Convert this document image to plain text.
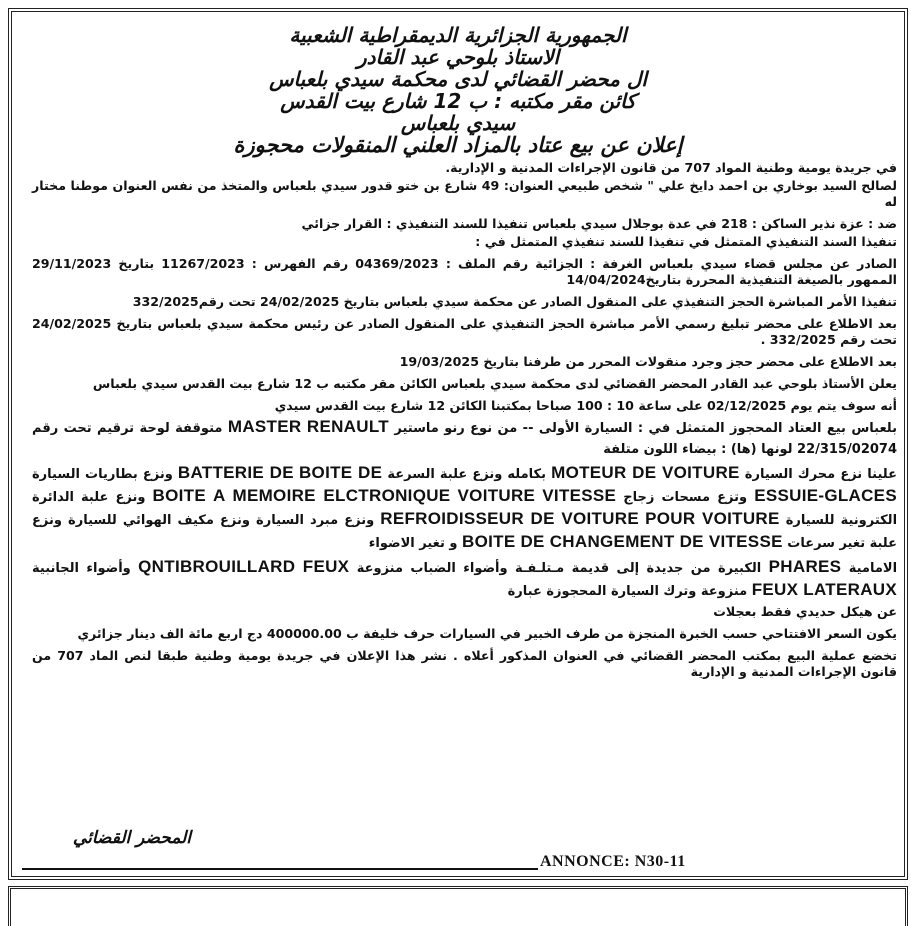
الجمهورية الجزائرية الديمقراطية الشعبية
الاستاذ بلوحي عبد القادر
ال محضر القضائي لدى محكمة سيدي بلعباس
كائن مقر مكتبه : ب 12 شارع بيت القدس
سيدي بلعباس
إعلان عن بيع عتاد بالمزاد العلني المنقولات محجوزة

في جريدة يومية وطنية المواد 707 من قانون الإجراءات المدنية و الإدارية.

لصالح السيد بوخاري بن احمد دايخ علي " شخص طبيعي العنوان: 49 شارع بن ختو قدور سيدي بلعباس والمتخذ من نفس العنوان موطنا مختار له

ضد : عزة نذير الساكن : 218 في عدة بوجلال سيدي بلعباس تنفيذا للسند التنفيذي : القرار جزائي

تنفيذا السند التنفيذي المتمثل في تنفيذا للسند تنفيذي المتمثل في :

الصادر عن مجلس قضاء سيدي بلعباس الغرفة : الجزائية رقم الملف : 04369/2023 رقم الفهرس : 11267/2023 بتاريخ 29/11/2023 الممهور بالصيغة التنفيذية المحررة بتاريخ14/04/2024

تنفيذا الأمر المباشرة الحجز التنفيذي على المنقول الصادر عن محكمة سيدي بلعباس بتاريخ 24/02/2025 تحت رقم332/2025

بعد الاطلاع على محضر تبليغ رسمي الأمر مباشرة الحجز التنفيذي على المنقول الصادر عن رئيس محكمة سيدي بلعباس بتاريخ 24/02/2025 تحت رقم 332/2025 .

بعد الاطلاع على محضر حجز وجرد منقولات المحرر من طرفنا بتاريخ 19/03/2025

يعلن الأستاذ بلوحي عبد القادر المحضر القضائي لدى محكمة سيدي بلعباس الكائن مقر مكتبه ب 12 شارع بيت القدس سيدي بلعباس

أنه سوف يتم يوم 02/12/2025 على ساعة 10 : 100 صباحا بمكتبنا الكائن 12 شارع بيت القدس سيدي

بلعباس بيع العتاد المحجوز المتمثل في : السيارة الأولى -- من نوع رنو ماستير RENAULT MASTER متوقفة لوحة ترقيم تحت رقم 22/315/02074 لونها (ها) : بيضاء اللون متلفة

علينا نزع محرك السيارة MOTEUR DE VOITURE بكامله ونزع علبة السرعة BOITE DE BATTERIE DE ونزع بطاريات السيارة ESSUIE-GLACES وتزع مسحات زجاج VITESSE VOITURE BOITE A MEMOIRE ELCTRONIQUE ونزع علبة الدائرة الكترونية للسيارة POUR VOITURE REFROIDISSEUR DE VOITURE ونزع مبرد السيارة ونزع مكيف الهوائي للسيارة ونزع علبة تغير سرعات BOITE DE CHANGEMENT DE VITESSE و تغير الاضواء

الامامية PHARES الكبيرة من جديدة إلى قديمة مـتلـفـة وأضواء الضباب منزوعة FEUX QNTIBROUILLARD وأضواء الجانبية FEUX LATERAUX منزوعة وترك السيارة المحجوزة عبارة

عن هيكل حديدي فقط بعجلات

يكون السعر الافتتاحي حسب الخبرة المنجزة من طرف الخبير في السيارات حرف خليفة ب 400000.00 دج اربع مائة الف دينار جزائري

تخضع عملية البيع بمكتب المحضر القضائي في العنوان المذكور أعلاه . نشر هذا الإعلان في جريدة يومية وطنية طبقا لنص الماد 707 من قانون الإجراءات المدنية و الإدارية

المحضر القضائي
ANNONCE: N30-11
